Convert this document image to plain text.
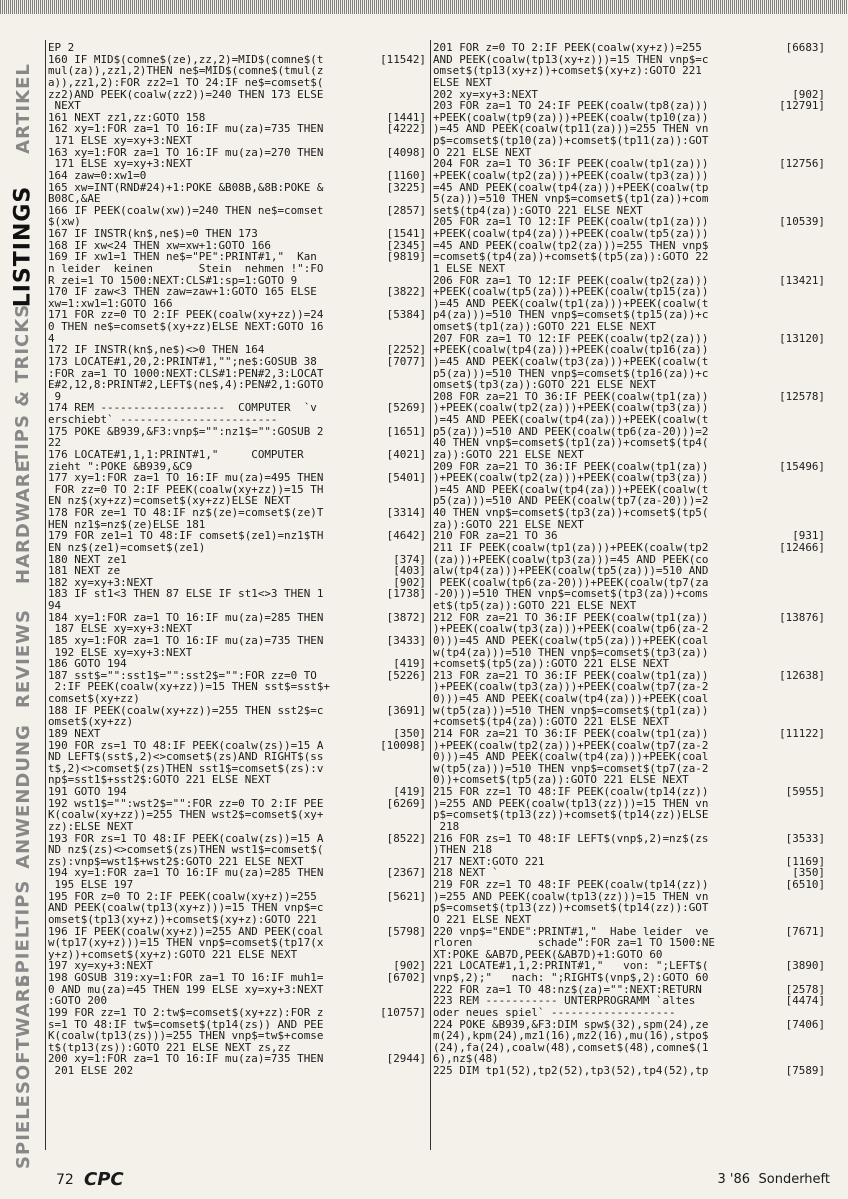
ARTIKEL
LISTINGS
TIPS & TRICKS
HARDWARE
REVIEWS
ANWENDUNG
SPIELTIPS
SPIELESOFTWARE
EP 2
160 IF MID$(comne$(ze),zz,2)=MID$(comne$(t	[11542]
mul(za)),zz1,2)THEN ne$=MID$(comne$(tmul(z
a)),zz1,2):FOR zz2=1 TO 24:IF ne$=comset$(
zz2)AND PEEK(coalw(zz2))=240 THEN 173 ELSE
NEXT
161 NEXT zz1,zz:GOTO 158	[1441]
162 xy=1:FOR za=1 TO 16:IF mu(za)=735 THEN	[4222]
171 ELSE xy=xy+3:NEXT
163 xy=1:FOR za=1 TO 16:IF mu(za)=270 THEN	[4098]
171 ELSE xy=xy+3:NEXT
164 zaw=0:xw1=0	[1160]
165 xw=INT(RND#24)+1:POKE &B08B,&8B:POKE &	[3225]
B08C,&AE
166 IF PEEK(coalw(xw))=240 THEN ne$=comset	[2857]
$(xw)
167 IF INSTR(kn$,ne$)=0 THEN 173	[1541]
168 IF xw<24 THEN xw=xw+1:GOTO 166	[2345]
169 IF xw1=1 THEN ne$="PE":PRINT#1,"  Kan	[9819]
n leider  keinen       Stein  nehmen !":FO
R zei=1 TO 1500:NEXT:CLS#1:sp=1:GOTO 9
170 IF zaw<3 THEN zaw=zaw+1:GOTO 165 ELSE	[3822]
xw=1:xw1=1:GOTO 166
171 FOR zz=0 TO 2:IF PEEK(coalw(xy+zz))=24	[5384]
0 THEN ne$=comset$(xy+zz)ELSE NEXT:GOTO 16
4
172 IF INSTR(kn$,ne$)<>0 THEN 164	[2252]
173 LOCATE#1,20,2:PRINT#1,"";ne$:GOSUB 38	[7077]
:FOR za=1 TO 1000:NEXT:CLS#1:PEN#2,3:LOCAT
E#2,12,8:PRINT#2,LEFT$(ne$,4):PEN#2,1:GOTO
9
174 REM -------------------  COMPUTER  `v	[5269]
erschiebt` ------------------------
175 POKE &B939,&F3:vnp$="":nz1$="":GOSUB 2	[1651]
22
176 LOCATE#1,1,1:PRINT#1,"     COMPUTER	[4021]
zieht ":POKE &B939,&C9
177 xy=1:FOR za=1 TO 16:IF mu(za)=495 THEN	[5401]
FOR zz=0 TO 2:IF PEEK(coalw(xy+zz))=15 TH
EN nz$(xy+zz)=comset$(xy+zz)ELSE NEXT
178 FOR ze=1 TO 48:IF nz$(ze)=comset$(ze)T	[3314]
HEN nz1$=nz$(ze)ELSE 181
179 FOR ze1=1 TO 48:IF comset$(ze1)=nz1$TH	[4642]
EN nz$(ze1)=comset$(ze1)
180 NEXT ze1	[374]
181 NEXT ze	[403]
182 xy=xy+3:NEXT	[902]
183 IF st1<3 THEN 87 ELSE IF st1<>3 THEN 1	[1738]
94
184 xy=1:FOR za=1 TO 16:IF mu(za)=285 THEN	[3872]
187 ELSE xy=xy+3:NEXT
185 xy=1:FOR za=1 TO 16:IF mu(za)=735 THEN	[3433]
192 ELSE xy=xy+3:NEXT
186 GOTO 194	[419]
187 sst$="":sst1$="":sst2$="":FOR zz=0 TO	[5226]
2:IF PEEK(coalw(xy+zz))=15 THEN sst$=sst$+
comset$(xy+zz)
188 IF PEEK(coalw(xy+zz))=255 THEN sst2$=c	[3691]
omset$(xy+zz)
189 NEXT	[350]
190 FOR zs=1 TO 48:IF PEEK(coalw(zs))=15 A	[10098]
ND LEFT$(sst$,2)<>comset$(zs)AND RIGHT$(ss
t$,2)<>comset$(zs)THEN sst1$=comset$(zs):v
np$=sst1$+sst2$:GOTO 221 ELSE NEXT
191 GOTO 194	[419]
192 wst1$="":wst2$="":FOR zz=0 TO 2:IF PEE	[6269]
K(coalw(xy+zz))=255 THEN wst2$=comset$(xy+
zz):ELSE NEXT
193 FOR zs=1 TO 48:IF PEEK(coalw(zs))=15 A	[8522]
ND nz$(zs)<>comset$(zs)THEN wst1$=comset$(
zs):vnp$=wst1$+wst2$:GOTO 221 ELSE NEXT
194 xy=1:FOR za=1 TO 16:IF mu(za)=285 THEN	[2367]
195 ELSE 197
195 FOR z=0 TO 2:IF PEEK(coalw(xy+z))=255	[5621]
AND PEEK(coalw(tp13(xy+z)))=15 THEN vnp$=c
omset$(tp13(xy+z))+comset$(xy+z):GOTO 221
196 IF PEEK(coalw(xy+z))=255 AND PEEK(coal	[5798]
w(tp17(xy+z)))=15 THEN vnp$=comset$(tp17(x
y+z))+comset$(xy+z):GOTO 221 ELSE NEXT
197 xy=xy+3:NEXT	[902]
198 GOSUB 319:xy=1:FOR za=1 TO 16:IF muh1=	[6702]
0 AND mu(za)=45 THEN 199 ELSE xy=xy+3:NEXT
:GOTO 200
199 FOR zz=1 TO 2:tw$=comset$(xy+zz):FOR z	[10757]
s=1 TO 48:IF tw$=comset$(tp14(zs)) AND PEE
K(coalw(tp13(zs)))=255 THEN vnp$=tw$+comse
t$(tp13(zs)):GOTO 221 ELSE NEXT zs,zz
200 xy=1:FOR za=1 TO 16:IF mu(za)=735 THEN	[2944]
201 ELSE 202
201 FOR z=0 TO 2:IF PEEK(coalw(xy+z))=255	[6683]
AND PEEK(coalw(tp13(xy+z)))=15 THEN vnp$=c
omset$(tp13(xy+z))+comset$(xy+z):GOTO 221
ELSE NEXT
202 xy=xy+3:NEXT	[902]
203 FOR za=1 TO 24:IF PEEK(coalw(tp8(za)))	[12791]
+PEEK(coalw(tp9(za)))+PEEK(coalw(tp10(za))
)=45 AND PEEK(coalw(tp11(za)))=255 THEN vn
p$=comset$(tp10(za))+comset$(tp11(za)):GOT
O 221 ELSE NEXT
204 FOR za=1 TO 36:IF PEEK(coalw(tp1(za)))	[12756]
+PEEK(coalw(tp2(za)))+PEEK(coalw(tp3(za)))
=45 AND PEEK(coalw(tp4(za)))+PEEK(coalw(tp
5(za)))=510 THEN vnp$=comset$(tp1(za))+com
set$(tp4(za)):GOTO 221 ELSE NEXT
205 FOR za=1 TO 12:IF PEEK(coalw(tp1(za)))	[10539]
+PEEK(coalw(tp4(za)))+PEEK(coalw(tp5(za)))
=45 AND PEEK(coalw(tp2(za)))=255 THEN vnp$
=comset$(tp4(za))+comset$(tp5(za)):GOTO 22
1 ELSE NEXT
206 FOR za=1 TO 12:IF PEEK(coalw(tp2(za)))	[13421]
+PEEK(coalw(tp5(za)))+PEEK(coalw(tp15(za))
)=45 AND PEEK(coalw(tp1(za)))+PEEK(coalw(t
p4(za)))=510 THEN vnp$=comset$(tp15(za))+c
omset$(tp1(za)):GOTO 221 ELSE NEXT
207 FOR za=1 TO 12:IF PEEK(coalw(tp2(za)))	[13120]
+PEEK(coalw(tp4(za)))+PEEK(coalw(tp16(za))
)=45 AND PEEK(coalw(tp3(za)))+PEEK(coalw(t
p5(za)))=510 THEN vnp$=comset$(tp16(za))+c
omset$(tp3(za)):GOTO 221 ELSE NEXT
208 FOR za=21 TO 36:IF PEEK(coalw(tp1(za))	[12578]
)+PEEK(coalw(tp2(za)))+PEEK(coalw(tp3(za))
)=45 AND PEEK(coalw(tp4(za)))+PEEK(coalw(t
p5(za)))=510 AND PEEK(coalw(tp6(za-20)))=2
40 THEN vnp$=comset$(tp1(za))+comset$(tp4(
za)):GOTO 221 ELSE NEXT
209 FOR za=21 TO 36:IF PEEK(coalw(tp1(za))	[15496]
)+PEEK(coalw(tp2(za)))+PEEK(coalw(tp3(za))
)=45 AND PEEK(coalw(tp4(za)))+PEEK(coalw(t
p5(za)))=510 AND PEEK(coalw(tp7(za-20)))=2
40 THEN vnp$=comset$(tp3(za))+comset$(tp5(
za)):GOTO 221 ELSE NEXT
210 FOR za=21 TO 36	[931]
211 IF PEEK(coalw(tp1(za)))+PEEK(coalw(tp2	[12466]
(za)))+PEEK(coalw(tp3(za)))=45 AND PEEK(co
alw(tp4(za)))+PEEK(coalw(tp5(za)))=510 AND
PEEK(coalw(tp6(za-20)))+PEEK(coalw(tp7(za
-20)))=510 THEN vnp$=comset$(tp3(za))+coms
et$(tp5(za)):GOTO 221 ELSE NEXT
212 FOR za=21 TO 36:IF PEEK(coalw(tp1(za))	[13876]
)+PEEK(coalw(tp3(za)))+PEEK(coalw(tp6(za-2
0)))=45 AND PEEK(coalw(tp5(za)))+PEEK(coal
w(tp4(za)))=510 THEN vnp$=comset$(tp3(za))
+comset$(tp5(za)):GOTO 221 ELSE NEXT
213 FOR za=21 TO 36:IF PEEK(coalw(tp1(za))	[12638]
)+PEEK(coalw(tp3(za)))+PEEK(coalw(tp7(za-2
0)))=45 AND PEEK(coalw(tp4(za)))+PEEK(coal
w(tp5(za)))=510 THEN vnp$=comset$(tp1(za))
+comset$(tp4(za)):GOTO 221 ELSE NEXT
214 FOR za=21 TO 36:IF PEEK(coalw(tp1(za))	[11122]
)+PEEK(coalw(tp2(za)))+PEEK(coalw(tp7(za-2
0)))=45 AND PEEK(coalw(tp4(za)))+PEEK(coal
w(tp5(za)))=510 THEN vnp$=comset$(tp7(za-2
0))+comset$(tp5(za)):GOTO 221 ELSE NEXT
215 FOR zz=1 TO 48:IF PEEK(coalw(tp14(zz))	[5955]
)=255 AND PEEK(coalw(tp13(zz)))=15 THEN vn
p$=comset$(tp13(zz))+comset$(tp14(zz))ELSE
218
216 FOR zs=1 TO 48:IF LEFT$(vnp$,2)=nz$(zs	[3533]
)THEN 218
217 NEXT:GOTO 221	[1169]
218 NEXT `	[350]
219 FOR zz=1 TO 48:IF PEEK(coalw(tp14(zz))	[6510]
)=255 AND PEEK(coalw(tp13(zz)))=15 THEN vn
p$=comset$(tp13(zz))+comset$(tp14(zz)):GOT
O 221 ELSE NEXT
220 vnp$="ENDE":PRINT#1,"  Habe leider  ve	[7671]
rloren          schade":FOR za=1 TO 1500:NE
XT:POKE &AB7D,PEEK(&AB7D)+1:GOTO 60
221 LOCATE#1,1,2:PRINT#1,"   von: ";LEFT$(	[3890]
vnp$,2);"   nach: ";RIGHT$(vnp$,2):GOTO 60
222 FOR za=1 TO 48:nz$(za)="":NEXT:RETURN	[2578]
223 REM ----------- UNTERPROGRAMM `altes	[4474]
oder neues spiel` -------------------
224 POKE &B939,&F3:DIM spw$(32),spm(24),ze	[7406]
m(24),kpm(24),mz1(16),mz2(16),mu(16),stpo$
(24),fa(24),coalw(48),comset$(48),comne$(1
6),nz$(48)
225 DIM tp1(52),tp2(52),tp3(52),tp4(52),tp	[7589]
72 CPC	3 '86 Sonderheft
